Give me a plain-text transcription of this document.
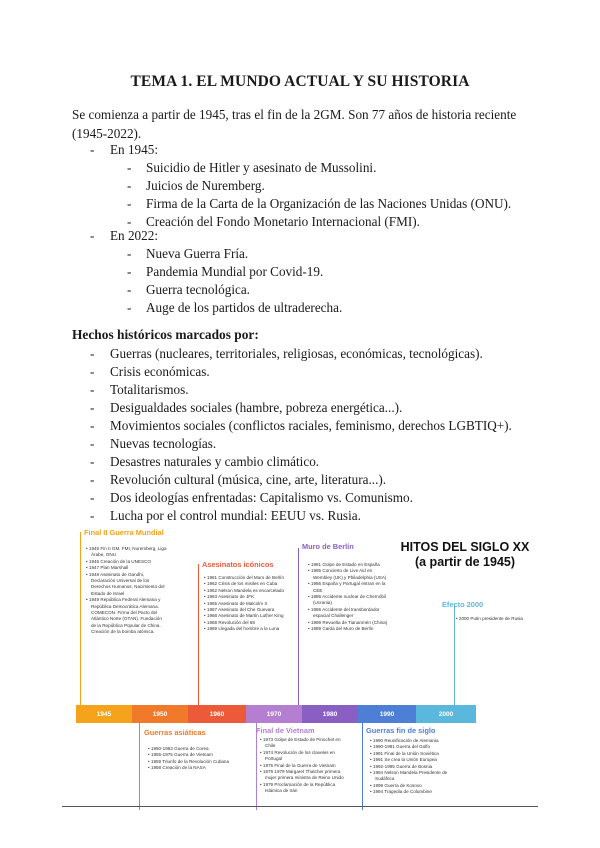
TEMA 1. EL MUNDO ACTUAL Y SU HISTORIA
Se comienza a partir de 1945, tras el fin de la 2GM. Son 77 años de historia reciente (1945-2022).
- En 1945:
- Suicidio de Hitler y asesinato de Mussolini.
- Juicios de Nuremberg.
- Firma de la Carta de la Organización de las Naciones Unidas (ONU).
- Creación del Fondo Monetario Internacional (FMI).
- En 2022:
- Nueva Guerra Fría.
- Pandemia Mundial por Covid-19.
- Guerra tecnológica.
- Auge de los partidos de ultraderecha.
Hechos históricos marcados por:
- Guerras (nucleares, territoriales, religiosas, económicas, tecnológicas).
- Crisis económicas.
- Totalitarismos.
- Desigualdades sociales (hambre, pobreza energética...).
- Movimientos sociales (conflictos raciales, feminismo, derechos LGBTIQ+).
- Nuevas tecnologías.
- Desastres naturales y cambio climático.
- Revolución cultural (música, cine, arte, literatura...).
- Dos ideologías enfrentadas: Capitalismo vs. Comunismo.
- Lucha por el control mundial: EEUU vs. Rusia.
HITOS DEL SIGLO XX
(a partir de 1945)
Final II Guerra Mundial
• 1945 Fin II GM, FMI, Nuremberg, Liga Árabe, ONU
• 1946 Creación de la UNESCO
• 1947 Plan Marshall
• 1948 Asesinato de Gandhi, Declaración Universal de los Derechos Humanos, Nacimiento del Estado de Israel
• 1949 República Federal Alemana y República Democrática Alemana. COMECON. Firma del Pacto del Atlántico Norte (OTAN). Fundación de la República Popular de China. Creación de la bomba atómica.
Asesinatos icónicos
• 1961 Construcción del Muro de Berlín
• 1962 Crisis de los misiles en Cuba
• 1962 Nelson Mandela es encarcelado
• 1963 Asesinato de JFK
• 1965 Asesinato de Malcolm X
• 1967 Asesinato del Che Guevara
• 1968 Asesinato de Martin Luther King
• 1968 Revolución del 68
• 1969 Llegada del hombre a la Luna
Muro de Berlín
• 1981 Golpe de Estado en España
• 1985 Concierto de Live Aid en Wembley (UK) y Philadelphia (USA)
• 1986 España y Portugal entran en la CEE
• 1986 Accidente nuclear de Chernóbil (Ucrania)
• 1986 Accidente del transbordador espacial Challenger
• 1989 Revuelta de Tiananmén (China)
• 1989 Caída del Muro de Berlín
Efecto 2000
• 2000 Putin presidente de Rusia
1945	1950	1960	1970	1980	1990	2000
Guerras asiáticas
• 1950-1953 Guerra de Corea
• 1955-1975 Guerra de Vietnam
• 1959 Triunfo de la Revolución Cubana
• 1958 Creación de la NASA
Final de Vietnam
• 1973 Golpe de Estado de Pinochet en Chile
• 1974 Revolución de los claveles en Portugal
• 1975 Final de la Guerra de Vietnam
• 1979 1979 Margaret Thatcher primera mujer primera ministra de Reino Unido
• 1979 Proclamación de la República Islámica de Irán
Guerras fin de siglo
• 1990 Reunificación de Alemania
• 1990-1991 Guerra del Golfo
• 1991 Final de la Unión Soviética
• 1991 Se crea la Unión Europea
• 1992-1995 Guerra de Bosnia
• 1994 Nelson Mandela Presidente de Sudáfrica
• 1999 Guerra de Kosovo
• 1994 Tragedia de Columbine
